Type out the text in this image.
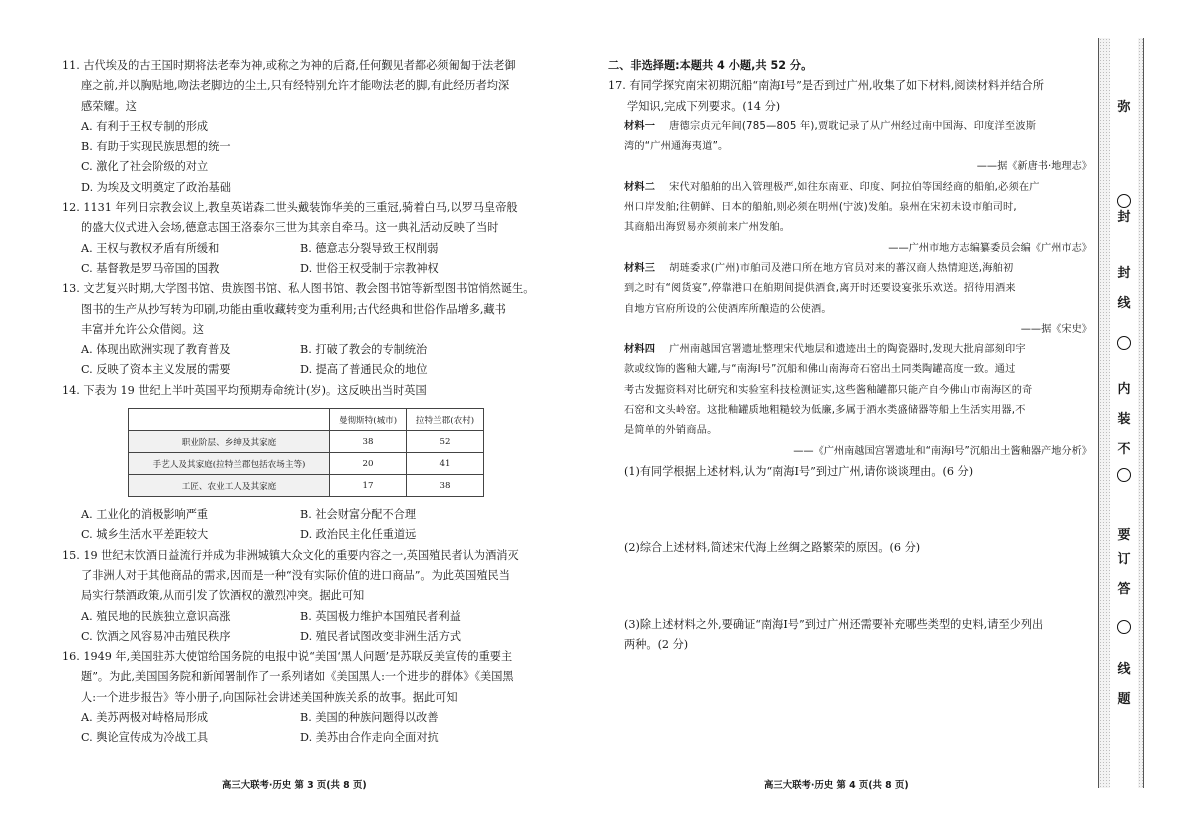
11. 古代埃及的古王国时期将法老奉为神,或称之为神的后裔,任何觐见者都必须匍匐于法老御
座之前,并以胸贴地,吻法老脚边的尘土,只有经特别允许才能吻法老的脚,有此经历者均深
感荣耀。这
A. 有利于王权专制的形成
B. 有助于实现民族思想的统一
C. 激化了社会阶级的对立
D. 为埃及文明奠定了政治基础
12. 1131 年列日宗教会议上,教皇英诺森二世头戴装饰华美的三重冠,骑着白马,以罗马皇帝般
的盛大仪式进入会场,德意志国王洛泰尔三世为其亲自牵马。这一典礼活动反映了当时
A. 王权与教权矛盾有所缓和	B. 德意志分裂导致王权削弱
C. 基督教是罗马帝国的国教	D. 世俗王权受制于宗教神权
13. 文艺复兴时期,大学图书馆、贵族图书馆、私人图书馆、教会图书馆等新型图书馆悄然诞生。
图书的生产从抄写转为印刷,功能由重收藏转变为重利用;古代经典和世俗作品增多,藏书
丰富并允许公众借阅。这
A. 体现出欧洲实现了教育普及	B. 打破了教会的专制统治
C. 反映了资本主义发展的需要	D. 提高了普通民众的地位
14. 下表为 19 世纪上半叶英国平均预期寿命统计(岁)。这反映出当时英国
	曼彻斯特(城市)	拉特兰郡(农村)
职业阶层、乡绅及其家庭	38	52
手艺人及其家庭(拉特兰郡包括农场主等)	20	41
工匠、农业工人及其家庭	17	38
A. 工业化的消极影响严重	B. 社会财富分配不合理
C. 城乡生活水平差距较大	D. 政治民主化任重道远
15. 19 世纪末饮酒日益流行并成为非洲城镇大众文化的重要内容之一,英国殖民者认为酒消灭
了非洲人对于其他商品的需求,因而是一种“没有实际价值的进口商品”。为此英国殖民当
局实行禁酒政策,从而引发了饮酒权的激烈冲突。据此可知
A. 殖民地的民族独立意识高涨	B. 英国极力维护本国殖民者利益
C. 饮酒之风容易冲击殖民秩序	D. 殖民者试图改变非洲生活方式
16. 1949 年,美国驻苏大使馆给国务院的电报中说“美国‘黑人问题’是苏联反美宣传的重要主
题”。为此,美国国务院和新闻署制作了一系列诸如《美国黑人:一个进步的群体》《美国黑
人:一个进步报告》等小册子,向国际社会讲述美国种族关系的故事。据此可知
A. 美苏两极对峙格局形成	B. 美国的种族问题得以改善
C. 舆论宣传成为冷战工具	D. 美苏由合作走向全面对抗
高三大联考·历史 第 3 页(共 8 页)
二、非选择题:本题共 4 小题,共 52 分。
17. 有同学探究南宋初期沉船“南海Ⅰ号”是否到过广州,收集了如下材料,阅读材料并结合所
学知识,完成下列要求。(14 分)
材料一 唐德宗贞元年间(785—805 年),贾耽记录了从广州经过南中国海、印度洋至波斯
湾的“广州通海夷道”。
——据《新唐书·地理志》
材料二 宋代对船舶的出入管理极严,如往东南亚、印度、阿拉伯等国经商的船舶,必须在广
州口岸发舶;往朝鲜、日本的船舶,则必须在明州(宁波)发舶。泉州在宋初未设市舶司时,
其商船出海贸易亦须前来广州发舶。
——广州市地方志编纂委员会编《广州市志》
材料三 胡琏委求(广州)市舶司及港口所在地方官员对来的蕃汉商人热情迎送,海舶初
到之时有“阅货宴”,停靠港口在舶期间提供酒食,离开时还要设宴张乐欢送。招待用酒来
自地方官府所设的公使酒库所酿造的公使酒。
——据《宋史》
材料四 广州南越国宫署遗址整理宋代地层和遗迹出土的陶瓷器时,发现大批肩部刻印宇
款或纹饰的酱釉大罐,与“南海Ⅰ号”沉船和佛山南海奇石窑出土同类陶罐高度一致。通过
考古发掘资料对比研究和实验室科技检测证实,这些酱釉罐都只能产自今佛山市南海区的奇
石窑和文头岭窑。这批釉罐质地粗糙较为低廉,多属于酒水类盛储器等船上生活实用器,不
是简单的外销商品。
——《广州南越国宫署遗址和“南海Ⅰ号”沉船出土酱釉器产地分析》
(1)有同学根据上述材料,认为“南海Ⅰ号”到过广州,请你谈谈理由。(6 分)
(2)综合上述材料,简述宋代海上丝绸之路繁荣的原因。(6 分)
(3)除上述材料之外,要确证“南海Ⅰ号”到过广州还需要补充哪些类型的史料,请至少列出
两种。(2 分)
高三大联考·历史 第 4 页(共 8 页)
弥
封
封
线
内
装
不
要
订
答
线
题
